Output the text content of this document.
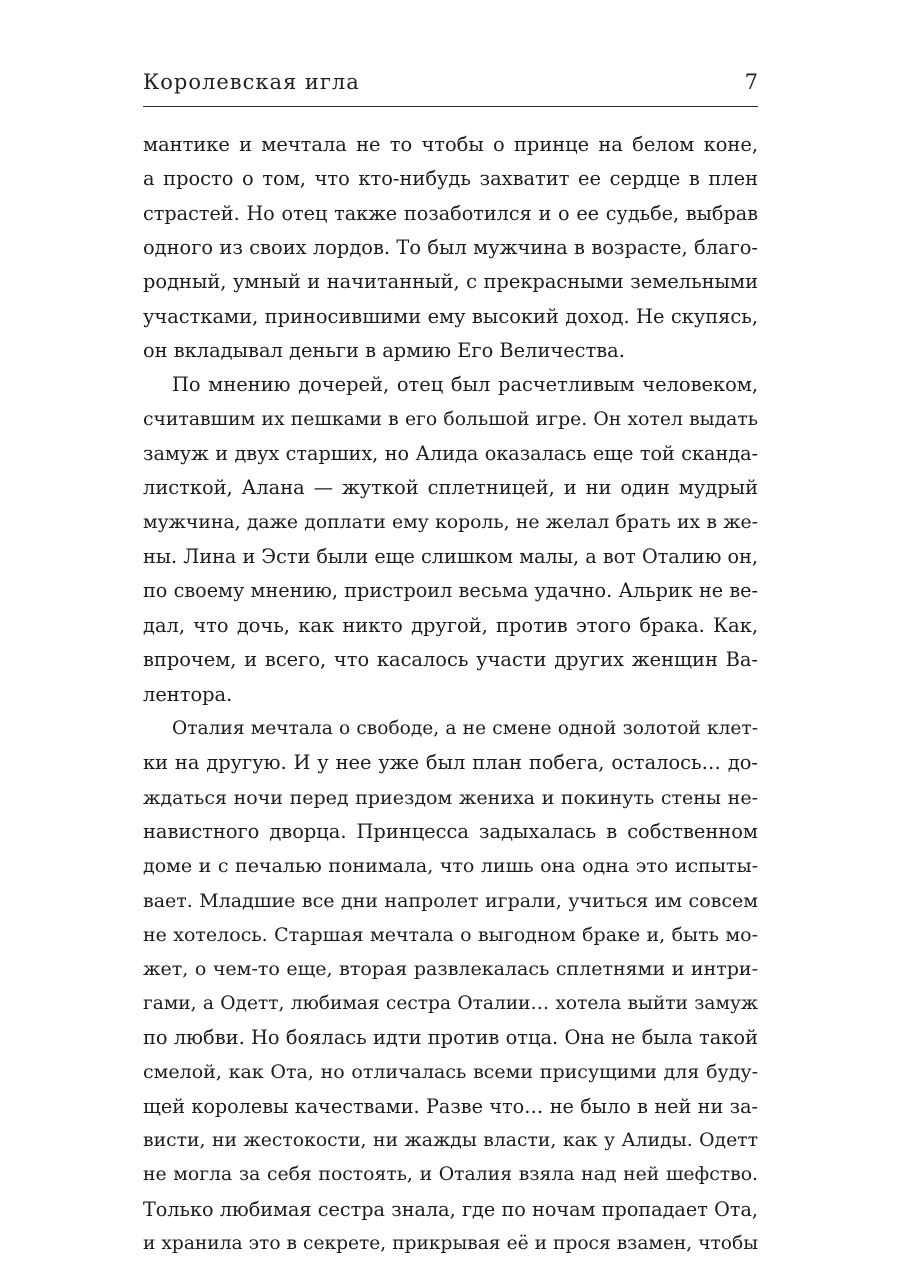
Королевская игла	7

мантике и мечтала не то чтобы о принце на белом коне,
а просто о том, что кто-нибудь захватит ее сердце в плен
страстей. Но отец также позаботился и о ее судьбе, выбрав
одного из своих лордов. То был мужчина в возрасте, благо-
родный, умный и начитанный, с прекрасными земельными
участками, приносившими ему высокий доход. Не скупясь,
он вкладывал деньги в армию Его Величества.

По мнению дочерей, отец был расчетливым человеком,
считавшим их пешками в его большой игре. Он хотел выдать
замуж и двух старших, но Алида оказалась еще той сканда-
листкой, Алана — жуткой сплетницей, и ни один мудрый
мужчина, даже доплати ему король, не желал брать их в же-
ны. Лина и Эсти были еще слишком малы, а вот Оталию он,
по своему мнению, пристроил весьма удачно. Альрик не ве-
дал, что дочь, как никто другой, против этого брака. Как,
впрочем, и всего, что касалось участи других женщин Ва-
лентора.

Оталия мечтала о свободе, а не смене одной золотой клет-
ки на другую. И у нее уже был план побега, осталось… до-
ждаться ночи перед приездом жениха и покинуть стены не-
навистного дворца. Принцесса задыхалась в собственном
доме и с печалью понимала, что лишь она одна это испыты-
вает. Младшие все дни напролет играли, учиться им совсем
не хотелось. Старшая мечтала о выгодном браке и, быть мо-
жет, о чем-то еще, вторая развлекалась сплетнями и интри-
гами, а Одетт, любимая сестра Оталии… хотела выйти замуж
по любви. Но боялась идти против отца. Она не была такой
смелой, как Ота, но отличалась всеми присущими для буду-
щей королевы качествами. Разве что… не было в ней ни за-
висти, ни жестокости, ни жажды власти, как у Алиды. Одетт
не могла за себя постоять, и Оталия взяла над ней шефство.
Только любимая сестра знала, где по ночам пропадает Ота,
и хранила это в секрете, прикрывая её и прося взамен, чтобы
